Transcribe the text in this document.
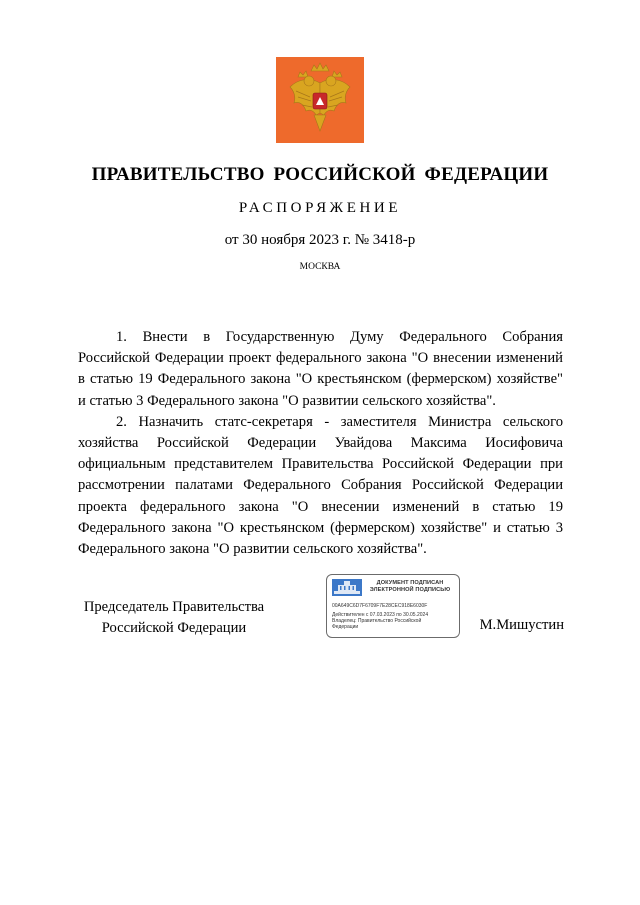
ПРАВИТЕЛЬСТВО РОССИЙСКОЙ ФЕДЕРАЦИИ
РАСПОРЯЖЕНИЕ
от 30 ноября 2023 г. № 3418-р
МОСКВА

1. Внести в Государственную Думу Федерального Собрания Российской Федерации проект федерального закона "О внесении изменений в статью 19 Федерального закона "О крестьянском (фермерском) хозяйстве" и статью 3 Федерального закона "О развитии сельского хозяйства".

2. Назначить статс-секретаря - заместителя Министра сельского хозяйства Российской Федерации Увайдова Максима Иосифовича официальным представителем Правительства Российской Федерации при рассмотрении палатами Федерального Собрания Российской Федерации проекта федерального закона "О внесении изменений в статью 19 Федерального закона "О крестьянском (фермерском) хозяйстве" и статью 3 Федерального закона "О развитии сельского хозяйства".

Председатель Правительства
Российской Федерации
ДОКУМЕНТ ПОДПИСАН
ЭЛЕКТРОННОЙ ПОДПИСЬЮ
00A649C6D7F6709F7E28CEC918E6030F
Действителен с 07.03.2023 по 30.05.2024
Владелец: Правительство Российской
Федерации	М.Мишустин
